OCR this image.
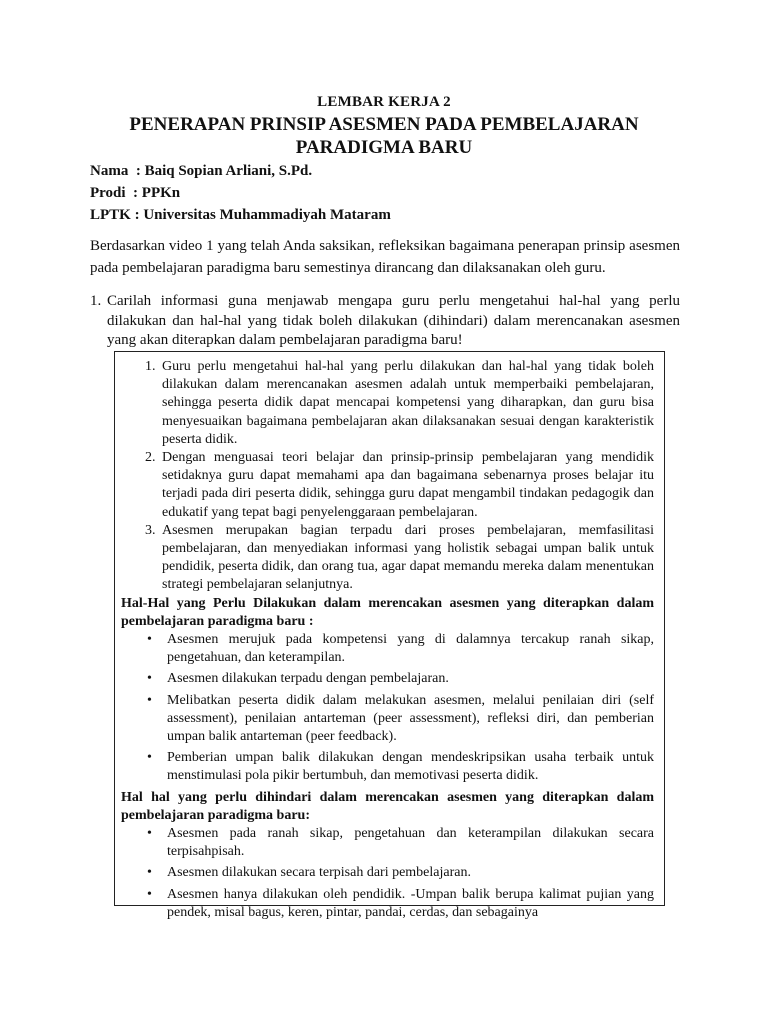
LEMBAR KERJA 2
PENERAPAN PRINSIP ASESMEN PADA PEMBELAJARAN
PARADIGMA BARU
Nama  : Baiq Sopian Arliani, S.Pd.
Prodi  : PPKn
LPTK : Universitas Muhammadiyah Mataram
Berdasarkan video 1 yang telah Anda saksikan, refleksikan bagaimana penerapan prinsip asesmen pada pembelajaran paradigma baru semestinya dirancang dan dilaksanakan oleh guru.
1. Carilah informasi guna menjawab mengapa guru perlu mengetahui hal-hal yang perlu dilakukan dan hal-hal yang tidak boleh dilakukan (dihindari) dalam merencanakan asesmen yang akan diterapkan dalam pembelajaran paradigma baru!
1. Guru perlu mengetahui hal-hal yang perlu dilakukan dan hal-hal yang tidak boleh dilakukan dalam merencanakan asesmen adalah untuk memperbaiki pembelajaran, sehingga peserta didik dapat mencapai kompetensi yang diharapkan, dan guru bisa menyesuaikan bagaimana pembelajaran akan dilaksanakan sesuai dengan karakteristik peserta didik.
2. Dengan menguasai teori belajar dan prinsip-prinsip pembelajaran yang mendidik setidaknya guru dapat memahami apa dan bagaimana sebenarnya proses belajar itu terjadi pada diri peserta didik, sehingga guru dapat mengambil tindakan pedagogik dan edukatif yang tepat bagi penyelenggaraan pembelajaran.
3. Asesmen merupakan bagian terpadu dari proses pembelajaran, memfasilitasi pembelajaran, dan menyediakan informasi yang holistik sebagai umpan balik untuk pendidik, peserta didik, dan orang tua, agar dapat memandu mereka dalam menentukan strategi pembelajaran selanjutnya.

Hal-Hal yang Perlu Dilakukan dalam merencakan asesmen yang diterapkan dalam pembelajaran paradigma baru :

• Asesmen merujuk pada kompetensi yang di dalamnya tercakup ranah sikap, pengetahuan, dan keterampilan.
• Asesmen dilakukan terpadu dengan pembelajaran.
• Melibatkan peserta didik dalam melakukan asesmen, melalui penilaian diri (self assessment), penilaian antarteman (peer assessment), refleksi diri, dan pemberian umpan balik antarteman (peer feedback).
• Pemberian umpan balik dilakukan dengan mendeskripsikan usaha terbaik untuk menstimulasi pola pikir bertumbuh, dan memotivasi peserta didik.

Hal hal yang perlu dihindari dalam merencakan asesmen yang diterapkan dalam pembelajaran paradigma baru:

• Asesmen pada ranah sikap, pengetahuan dan keterampilan dilakukan secara terpisahpisah.
• Asesmen dilakukan secara terpisah dari pembelajaran.
• Asesmen hanya dilakukan oleh pendidik. -Umpan balik berupa kalimat pujian yang pendek, misal bagus, keren, pintar, pandai, cerdas, dan sebagainya
